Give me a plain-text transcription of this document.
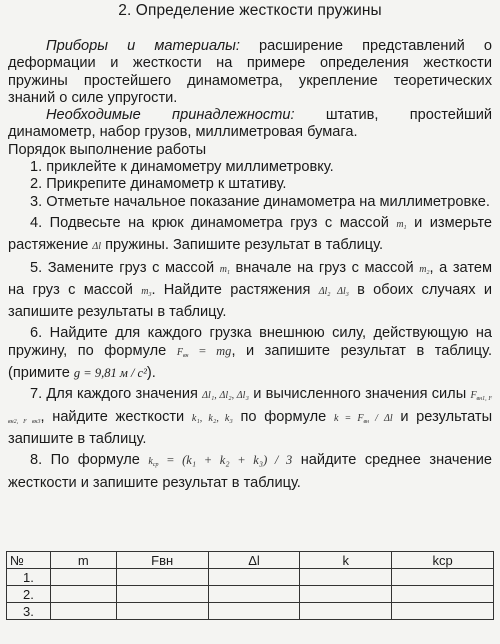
2. Определение жесткости пружины

Приборы и материалы: расширение представлений о деформации и жесткости на примере определения жесткости пружины простейшего динамометра, укрепление теоретических знаний о силе упругости.

Необходимые принадлежности: штатив, простейший динамометр, набор грузов, миллиметровая бумага.

Порядок выполнение работы

1. приклейте к динамометру миллиметровку.

2. Прикрепите динамометр к штативу.

3. Отметьте начальное показание динамометра на миллиметровке.

4. Подвесьте на крюк динамометра груз с массой $m_1$ и измерьте растяжение Δl пружины. Запишите результат в таблицу.

5. Замените груз с массой $m_1$ вначале на груз с массой $m_2$, а затем на груз с массой $m_3$. Найдите растяжения $\Delta l_2$ $\Delta l_3$ в обоих случаях и запишите результаты в таблицу.

6. Найдите для каждого грузка внешнюю силу, действующую на пружину, по формуле $F_{вн}$ = mg, и запишите результат в таблицу. (примите g = 9,81 м / с²).

7. Для каждого значения Δl₁, Δl₂, Δl₃ и вычисленного значения силы $F_{вн1, F вн2, F вн3}$, найдите жесткости k₁, k₂, k₃ по формуле $k = F_{вн} / \Delta l$ и результаты запишите в таблицу.

8. По формуле $k_{ср} = (k_1 + k_2 + k_3) / 3$ найдите среднее значение жесткости и запишите результат в таблицу.

№	m	Fвн	Δl	k	kср
1.					
2.					
3.					
